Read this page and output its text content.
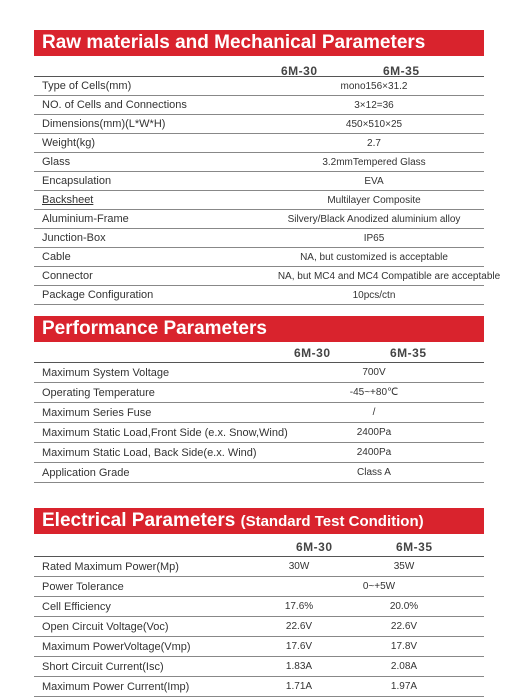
Raw materials and Mechanical Parameters
6M-30	6M-35
Type of Cells(mm)	mono156×31.2
NO. of Cells and Connections	3×12=36
Dimensions(mm)(L*W*H)	450×510×25
Weight(kg)	2.7
Glass	3.2mmTempered Glass
Encapsulation	EVA
Backsheet	Multilayer Composite
Aluminium-Frame	Silvery/Black Anodized aluminium alloy
Junction-Box	IP65
Cable	NA, but customized is acceptable
Connector	NA, but MC4 and MC4 Compatible are acceptable
Package Configuration	10pcs/ctn
Performance Parameters
6M-30	6M-35
Maximum System Voltage	700V
Operating Temperature	-45~+80℃
Maximum Series Fuse	/
Maximum Static Load,Front Side (e.x. Snow,Wind)	2400Pa
Maximum Static Load, Back Side(e.x. Wind)	2400Pa
Application Grade	Class A
Electrical Parameters (Standard Test Condition)
6M-30	6M-35
Rated Maximum Power(Mp)	30W	35W
Power Tolerance	0~+5W
Cell Efficiency	17.6%	20.0%
Open Circuit Voltage(Voc)	22.6V	22.6V
Maximum PowerVoltage(Vmp)	17.6V	17.8V
Short Circuit Current(Isc)	1.83A	2.08A
Maximum Power Current(Imp)	1.71A	1.97A
